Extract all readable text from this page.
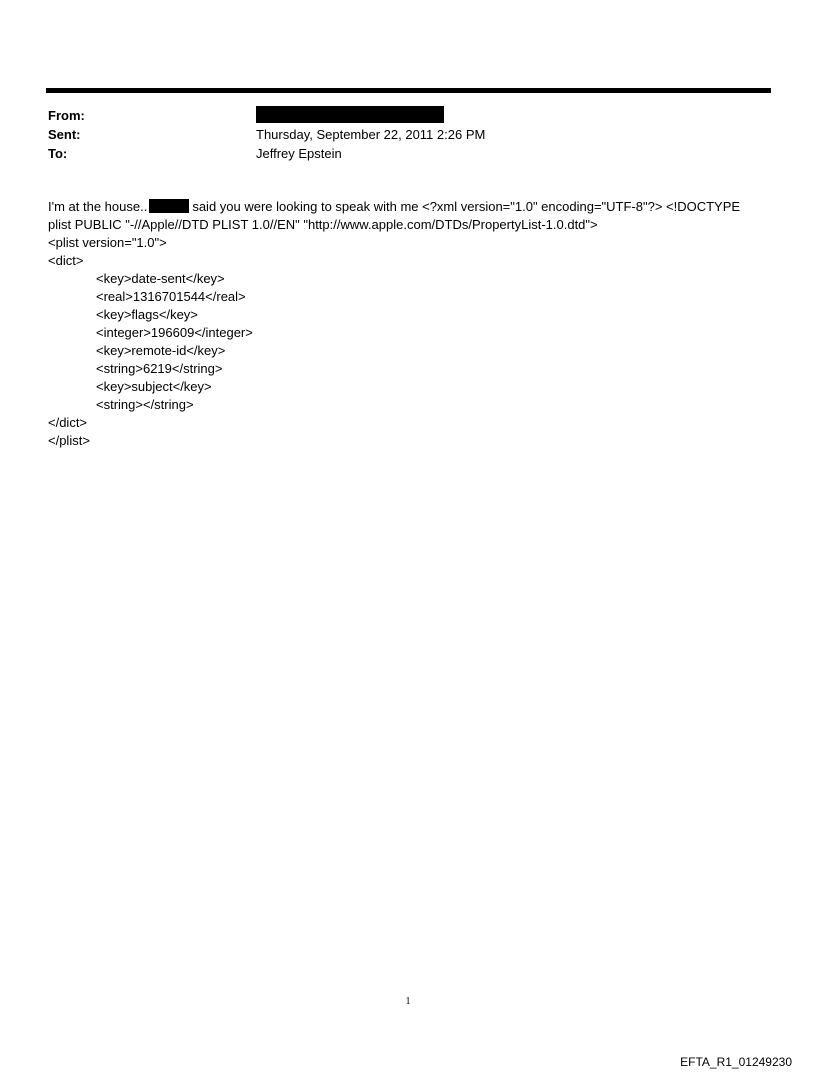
From:
Sent:	Thursday, September 22, 2011 2:26 PM
To:	Jeffrey Epstein
I'm at the house..	said you were looking to speak with me <?xml version="1.0" encoding="UTF-8"?> <!DOCTYPE
plist PUBLIC "-//Apple//DTD PLIST 1.0//EN" "http://www.apple.com/DTDs/PropertyList-1.0.dtd">
<plist version="1.0">
<dict>
<key>date-sent</key>
<real>1316701544</real>
<key>flags</key>
<integer>196609</integer>
<key>remote-id</key>
<string>6219</string>
<key>subject</key>
<string></string>
</dict>
</plist>
1
EFTA_R1_01249230
